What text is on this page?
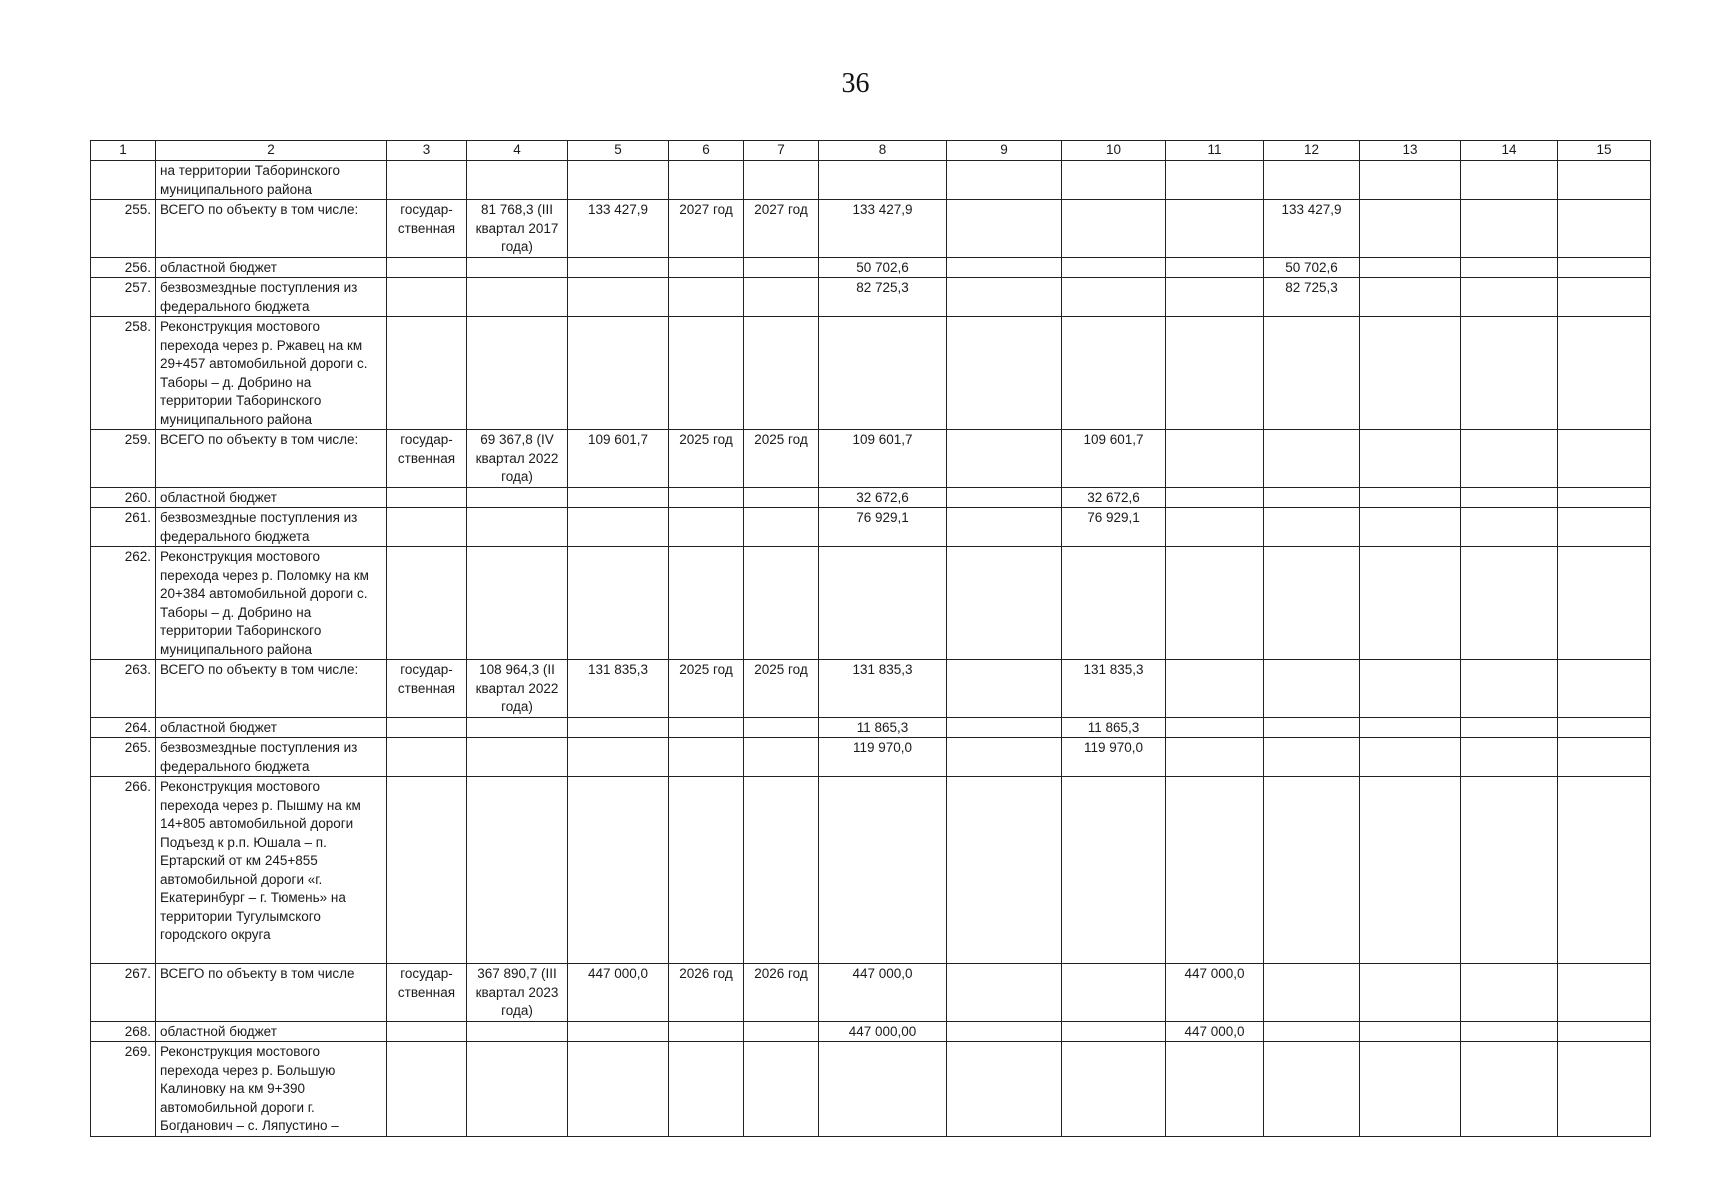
36
1	2	3	4	5	6	7	8	9	10	11	12	13	14	15
	на территории Таборинского муниципального района													
255.	ВСЕГО по объекту в том числе:	государ-ственная	81 768,3 (III квартал 2017 года)	133 427,9	2027 год	2027 год	133 427,9				133 427,9			
256.	областной бюджет						50 702,6				50 702,6			
257.	безвозмездные поступления из федерального бюджета						82 725,3				82 725,3			
258.	Реконструкция мостового перехода через р. Ржавец на км 29+457 автомобильной дороги с. Таборы – д. Добрино на территории Таборинского муниципального района													
259.	ВСЕГО по объекту в том числе:	государ-ственная	69 367,8 (IV квартал 2022 года)	109 601,7	2025 год	2025 год	109 601,7		109 601,7					
260.	областной бюджет						32 672,6		32 672,6					
261.	безвозмездные поступления из федерального бюджета						76 929,1		76 929,1					
262.	Реконструкция мостового перехода через р. Поломку на км 20+384 автомобильной дороги с. Таборы – д. Добрино на территории Таборинского муниципального района													
263.	ВСЕГО по объекту в том числе:	государ-ственная	108 964,3 (II квартал 2022 года)	131 835,3	2025 год	2025 год	131 835,3		131 835,3					
264.	областной бюджет						11 865,3		11 865,3					
265.	безвозмездные поступления из федерального бюджета						119 970,0		119 970,0					
266.	Реконструкция мостового перехода через р. Пышму на км 14+805 автомобильной дороги Подъезд к р.п. Юшала – п. Ертарский от км 245+855 автомобильной дороги «г. Екатеринбург – г. Тюмень» на территории Тугулымского городского округа													
267.	ВСЕГО по объекту в том числе	государ-ственная	367 890,7 (III квартал 2023 года)	447 000,0	2026 год	2026 год	447 000,0			447 000,0				
268.	областной бюджет						447 000,00			447 000,0				
269.	Реконструкция мостового перехода через р. Большую Калиновку на км 9+390 автомобильной дороги г. Богданович – с. Ляпустино –													
